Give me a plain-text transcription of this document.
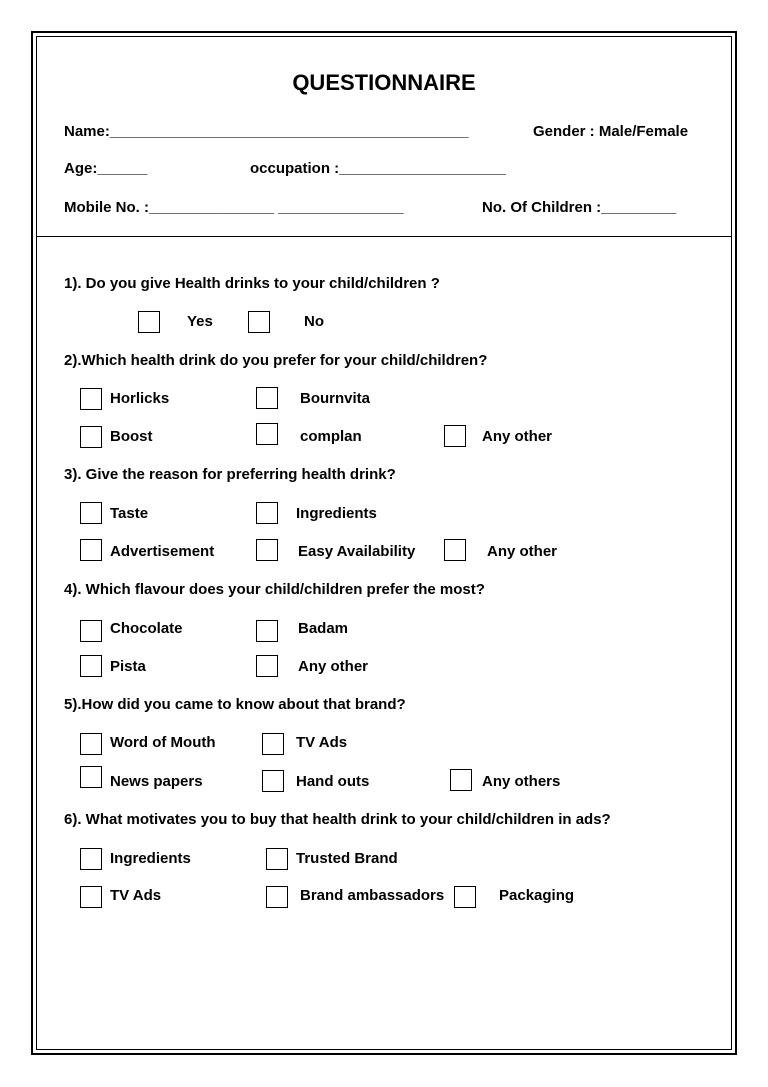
QUESTIONNAIRE
Name:___________________________________________	Gender : Male/Female
Age:______	occupation :____________________
Mobile No. :_______________ _______________	No. Of Children :_________
1). Do you give Health drinks to your child/children ?
Yes	No
2).Which health drink do you prefer for your child/children?
Horlicks	Bournvita
Boost	complan	Any other
3). Give the reason for preferring health drink?
Taste	Ingredients
Advertisement	Easy Availability	Any other
4). Which flavour does your child/children prefer the most?
Chocolate	Badam
Pista	Any other
5).How did you came to know about that brand?
Word of Mouth	TV Ads
News papers	Hand outs	Any others
6). What motivates you to buy that health drink to your child/children in ads?
Ingredients	Trusted Brand
TV Ads	Brand ambassadors	Packaging
